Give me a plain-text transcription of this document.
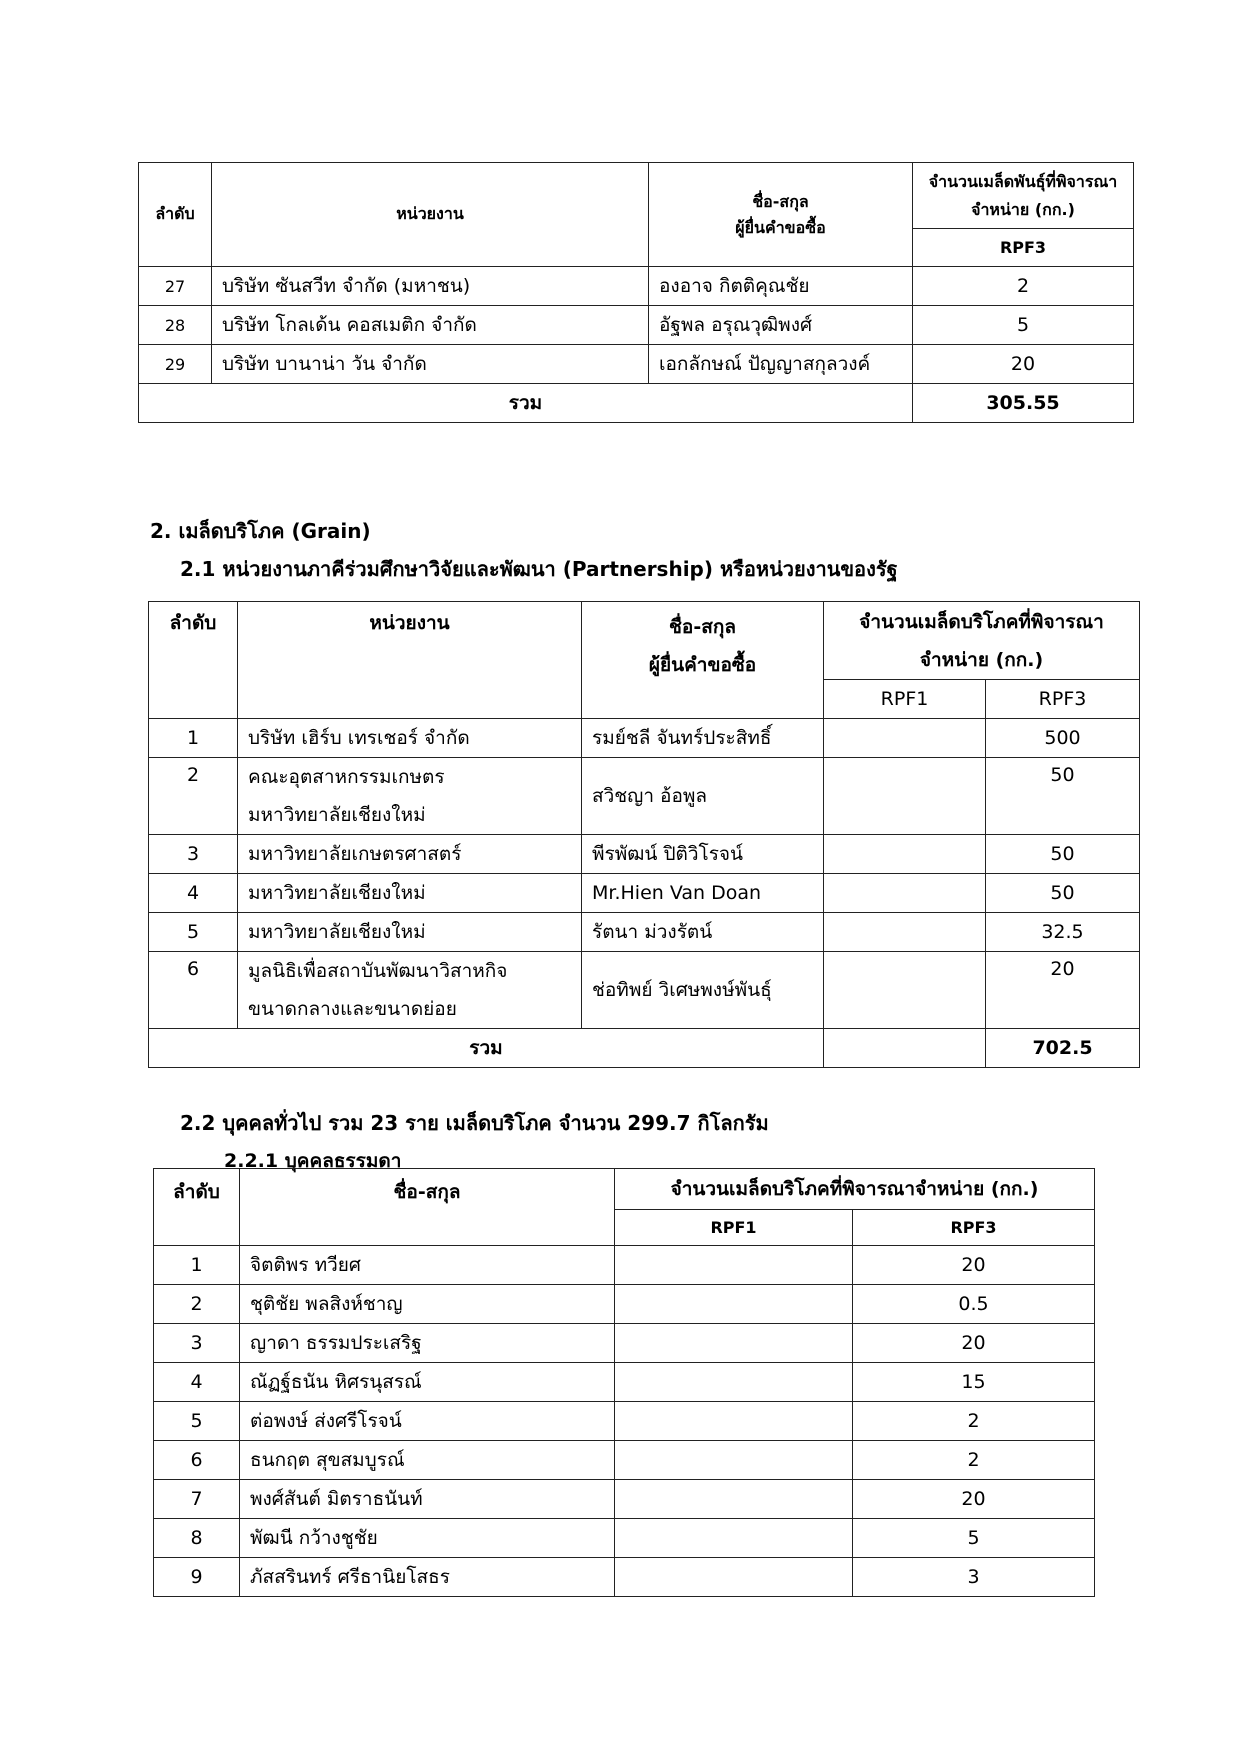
ลำดับ	หน่วยงาน	ชื่อ-สกุล
ผู้ยื่นคำขอซื้อ	จำนวนเมล็ดพันธุ์ที่พิจารณา
จำหน่าย (กก.)
			RPF3
27	บริษัท ซันสวีท จำกัด (มหาชน)	องอาจ กิตติคุณชัย	2
28	บริษัท โกลเด้น คอสเมติก จำกัด	อัฐพล อรุณวุฒิพงศ์	5
29	บริษัท บานาน่า วัน จำกัด	เอกลักษณ์ ปัญญาสกุลวงค์	20
รวม			305.55
2. เมล็ดบริโภค (Grain)
2.1 หน่วยงานภาคีร่วมศึกษาวิจัยและพัฒนา (Partnership) หรือหน่วยงานของรัฐ
ลำดับ	หน่วยงาน	ชื่อ-สกุล
ผู้ยื่นคำขอซื้อ	จำนวนเมล็ดบริโภคที่พิจารณา
จำหน่าย (กก.)	
			RPF1	RPF3
1	บริษัท เฮิร์บ เทรเชอร์ จำกัด	รมย์ชลี จันทร์ประสิทธิ์		500
2	คณะอุตสาหกรรมเกษตร
มหาวิทยาลัยเชียงใหม่	สวิชญา อ้อพูล		50
3	มหาวิทยาลัยเกษตรศาสตร์	พีรพัฒน์ ปิติวิโรจน์		50
4	มหาวิทยาลัยเชียงใหม่	Mr.Hien Van Doan		50
5	มหาวิทยาลัยเชียงใหม่	รัตนา ม่วงรัตน์		32.5
6	มูลนิธิเพื่อสถาบันพัฒนาวิสาหกิจ
ขนาดกลางและขนาดย่อย	ช่อทิพย์ วิเศษพงษ์พันธุ์		20
รวม				702.5
2.2 บุคคลทั่วไป รวม 23 ราย เมล็ดบริโภค จำนวน 299.7 กิโลกรัม
2.2.1 บุคคลธรรมดา
ลำดับ	ชื่อ-สกุล	จำนวนเมล็ดบริโภคที่พิจารณาจำหน่าย (กก.)	
		RPF1	RPF3
1	จิตติพร ทวียศ		20
2	ชุติชัย พลสิงห์ชาญ		0.5
3	ญาดา ธรรมประเสริฐ		20
4	ณัฏฐ์ธนัน หิศรนุสรณ์		15
5	ต่อพงษ์ ส่งศรีโรจน์		2
6	ธนกฤต สุขสมบูรณ์		2
7	พงศ์สันต์ มิตราธนันท์		20
8	พัฒนี กว้างชูชัย		5
9	ภัสสรินทร์ ศรีธานิยโสธร		3
